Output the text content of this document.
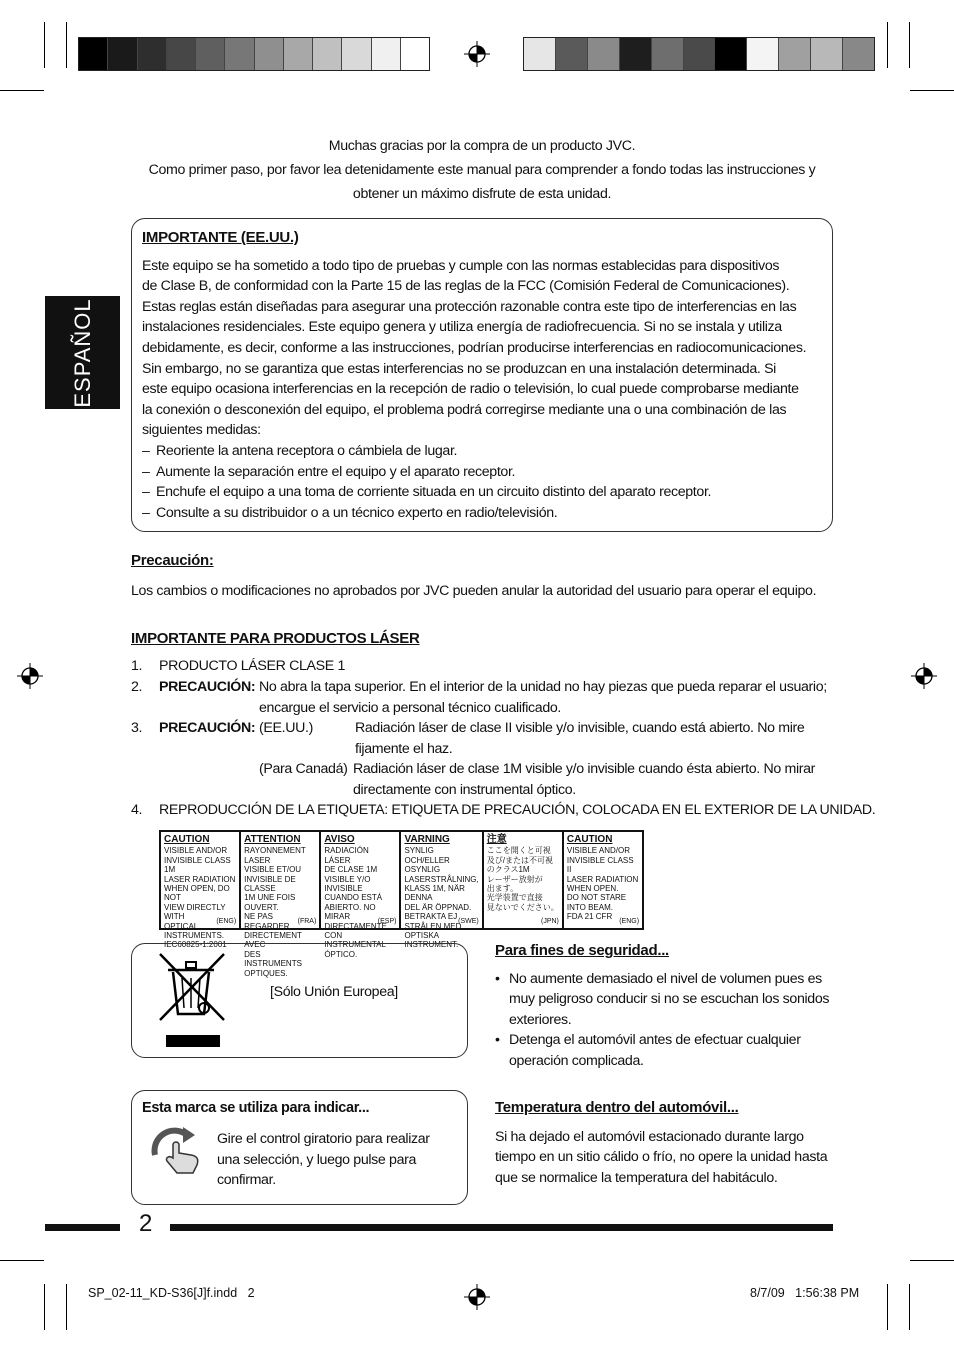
ESPAÑOL
Muchas gracias por la compra de un producto JVC.
Como primer paso, por favor lea detenidamente este manual para comprender a fondo todas las instrucciones y
obtener un máximo disfrute de esta unidad.
IMPORTANTE (EE.UU.)
Este equipo se ha sometido a todo tipo de pruebas y cumple con las normas establecidas para dispositivos
de Clase B, de conformidad con la Parte 15 de las reglas de la FCC (Comisión Federal de Comunicaciones).
Estas reglas están diseñadas para asegurar una protección razonable contra este tipo de interferencias en las
instalaciones residenciales. Este equipo genera y utiliza energía de radiofrecuencia. Si no se instala y utiliza
debidamente, es decir, conforme a las instrucciones, podrían producirse interferencias en radiocomunicaciones.
Sin embargo, no se garantiza que estas interferencias no se produzcan en una instalación determinada. Si
este equipo ocasiona interferencias en la recepción de radio o televisión, lo cual puede comprobarse mediante
la conexión o desconexión del equipo, el problema podrá corregirse mediante una o una combinación de las
siguientes medidas:
– Reoriente la antena receptora o cámbiela de lugar.
– Aumente la separación entre el equipo y el aparato receptor.
– Enchufe el equipo a una toma de corriente situada en un circuito distinto del aparato receptor.
– Consulte a su distribuidor o a un técnico experto en radio/televisión.
Precaución:
Los cambios o modificaciones no aprobados por JVC pueden anular la autoridad del usuario para operar el equipo.
IMPORTANTE PARA PRODUCTOS LÁSER
1. PRODUCTO LÁSER CLASE 1
2. PRECAUCIÓN: No abra la tapa superior. En el interior de la unidad no hay piezas que pueda reparar el usuario;
encargue el servicio a personal técnico cualificado.
3. PRECAUCIÓN: (EE.UU.)	Radiación láser de clase II visible y/o invisible, cuando está abierto. No mire
fijamente el haz.
(Para Canadá) Radiación láser de clase 1M visible y/o invisible cuando ésta abierto. No mirar
directamente con instrumental óptico.
4. REPRODUCCIÓN DE LA ETIQUETA: ETIQUETA DE PRECAUCIÓN, COLOCADA EN EL EXTERIOR DE LA UNIDAD.
CAUTION
VISIBLE AND/OR
INVISIBLE CLASS 1M
LASER RADIATION
WHEN OPEN, DO NOT
VIEW DIRECTLY WITH
OPTICAL INSTRUMENTS.
IEC60825-1:2001
(ENG)
ATTENTION
RAYONNEMENT LASER
VISIBLE ET/OU
INVISIBLE DE CLASSE
1M UNE FOIS OUVERT.
NE PAS REGARDER
DIRECTEMENT AVEC
DES INSTRUMENTS
OPTIQUES.
(FRA)
AVISO
RADIACIÓN LÁSER
DE CLASE 1M
VISIBLE Y/O INVISIBLE
CUANDO ESTÁ
ABIERTO. NO MIRAR
DIRECTAMENTE
CON INSTRUMENTAL
ÓPTICO.
(ESP)
VARNING
SYNLIG OCH/ELLER
OSYNLIG
LASERSTRÅLNING,
KLASS 1M, NÄR DENNA
DEL ÄR ÖPPNAD.
BETRAKTA EJ
STRÅLEN MED OPTISKA
INSTRUMENT.
(SWE)
注意
ここを開くと可視
及び/または不可視
のクラス1M
レーザー放射が
出ます。
光学装置で直接
見ないでください。
(JPN)
CAUTION
VISIBLE AND/OR
INVISIBLE CLASS II
LASER RADIATION
WHEN OPEN.
DO NOT STARE
INTO BEAM.
FDA 21 CFR (ENG)
[Sólo Unión Europea]
Esta marca se utiliza para indicar...
Gire el control giratorio para realizar
una selección, y luego pulse para
confirmar.
Para fines de seguridad...
• No aumente demasiado el nivel de volumen pues es
muy peligroso conducir si no se escuchan los sonidos
exteriores.
• Detenga el automóvil antes de efectuar cualquier
operación complicada.
Temperatura dentro del automóvil...
Si ha dejado el automóvil estacionado durante largo
tiempo en un sitio cálido o frío, no opere la unidad hasta
que se normalice la temperatura del habitáculo.
2
SP_02-11_KD-S36[J]f.indd   2	8/7/09   1:56:38 PM
